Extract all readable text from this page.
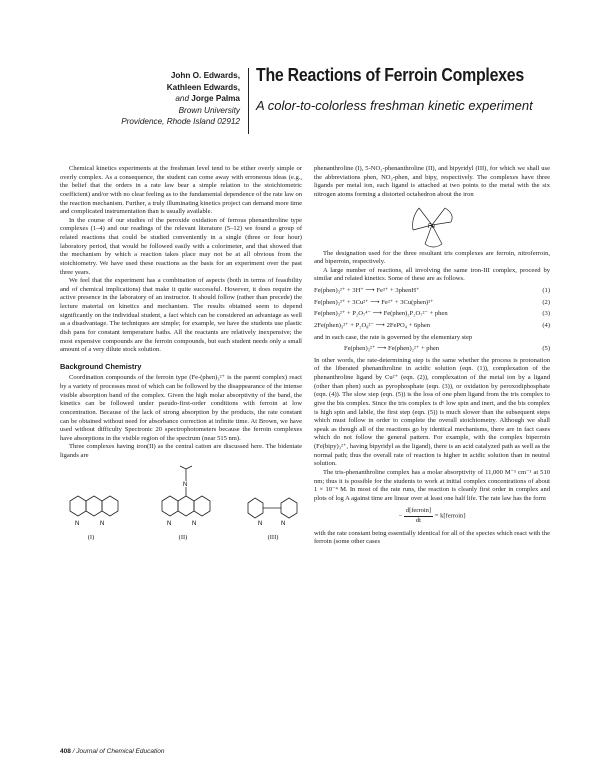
John O. Edwards,
Kathleen Edwards,
and Jorge Palma
Brown University
Providence, Rhode Island 02912
The Reactions of Ferroin Complexes
A color-to-colorless freshman kinetic experiment

Chemical kinetics experiments at the freshman level tend to be either overly simple or overly complex. As a consequence, the student can come away with erroneous ideas (e.g., the belief that the orders in a rate law bear a simple relation to the stoichiometric coefficient) and/or with no clear feeling as to the fundamental dependence of the rate law on the reaction mechanism. Further, a truly illuminating kinetics project can demand more time and complicated instrumentation than is usually available.

In the course of our studies of the peroxide oxidation of ferrous phenanthroline type complexes (1–4) and our readings of the relevant literature (5–12) we found a group of related reactions that could be studied conveniently in a single (three or four hour) laboratory period, that would be followed easily with a colorimeter, and that showed that the mechanism by which a reaction takes place may not be at all obvious from the stoichiometry. We have used these reactions as the basis for an experiment over the past three years.

We feel that the experiment has a combination of aspects (both in terms of feasibility and of chemical implications) that make it quite successful. However, it does require the active presence in the laboratory of an instructor. It should follow (rather than precede) the lecture material on kinetics and mechanism. The results obtained seem to depend significantly on the individual student, a fact which can be considered an advantage as well as a disadvantage. The techniques are simple; for example, we have the students use plastic dish pans for constant temperature baths. All the reactants are relatively inexpensive; the most expensive compounds are the ferroin compounds, but each student needs only a small amount of a very dilute stock solution.

Background Chemistry

Coordination compounds of the ferroin type (Fe-(phen)₃²⁺ is the parent complex) react by a variety of processes most of which can be followed by the disappearance of the intense visible absorption band of the complex. Given the high molar absorptivity of the band, the kinetics can be followed under pseudo-first-order conditions with ferroin at low concentration. Because of the lack of strong absorption by the products, the rate constant can be obtained without need for absorbance correction at infinite time. At Brown, we have used without difficulty Spectronic 20 spectrophotometers because the ferroin complexes have absorptions in the visible region of the spectrum (near 515 nm).

Three complexes having iron(II) as the central cation are discussed here. The bidentate ligands are

N	N
(I)
N
N	N
(II)
N	N
(III)

phenanthroline (I), 5-NO₂-phenanthroline (II), and bipyridyl (III), for which we shall use the abbreviations phen, NO₂-phen, and bipy, respectively. The complexes have three ligands per metal ion, each ligand is attached at two points to the metal with the six nitrogen atoms forming a distorted octahedron about the iron

Fe

The designation used for the three resultant tris complexes are ferroin, nitroferroin, and biperroin, respectively.

A large number of reactions, all involving the same iron-III complex, proceed by similar and related kinetics. Some of these are as follows.

Fe(phen)₃²⁺ + 3H⁺ ⟶ Fe²⁺ + 3phenH⁺	(1)
Fe(phen)₃²⁺ + 3Cu²⁺ ⟶ Fe²⁺ + 3Cu(phen)²⁺	(2)
Fe(phen)₃²⁺ + P₂O₇⁴⁻ ⟶ Fe(phen)₂P₂O₇²⁻ + phen	(3)
2Fe(phen)₃²⁺ + P₂O₈²⁻ ⟶ 2FePO₄ + 6phen	(4)

and in each case, the rate is governed by the elementary step

Fe(phen)₃²⁺ ⟶ Fe(phen)₂²⁺ + phen	(5)

In other words, the rate-determining step is the same whether the process is protonation of the liberated phenanthroline in acidic solution (eqn. (1)), complexation of the phenanthroline ligand by Cu²⁺ (eqn. (2)), complexation of the metal ion by a ligand (other than phen) such as pyrophosphate (eqn. (3)), or oxidation by peroxodiphosphate (eqn. (4)). The slow step (eqn. (5)) is the loss of one phen ligand from the tris complex to give the bis complex. Since the tris complex is d⁶ low spin and inert, and the bis complex is high spin and labile, the first step (eqn. (5)) is much slower than the subsequent steps which must follow in order to complete the overall stoichiometry. Although we shall speak as though all of the reactions go by identical mechanisms, there are in fact cases which do not follow the general pattern. For example, with the complex biperroin (Fe(bipy)₃²⁺, having bipyridyl as the ligand), there is an acid catalyzed path as well as the normal path; thus the overall rate of reaction is higher in acidic solution than in neutral solution.

The tris-phenanthroline complex has a molar absorptivity of 11,000 M⁻¹ cm⁻¹ at 510 nm; thus it is possible for the students to work at initial complex concentrations of about 1 × 10⁻⁴ M. In most of the rate runs, the reaction is cleanly first order in complex and plots of log A against time are linear over at least one half life. The rate law has the form

− $\frac{\text{d[ferroin]}}{dt}$ = k[ferroin]

with the rate constant being essentially identical for all of the species which react with the ferroin (some other cases

408 / Journal of Chemical Education
